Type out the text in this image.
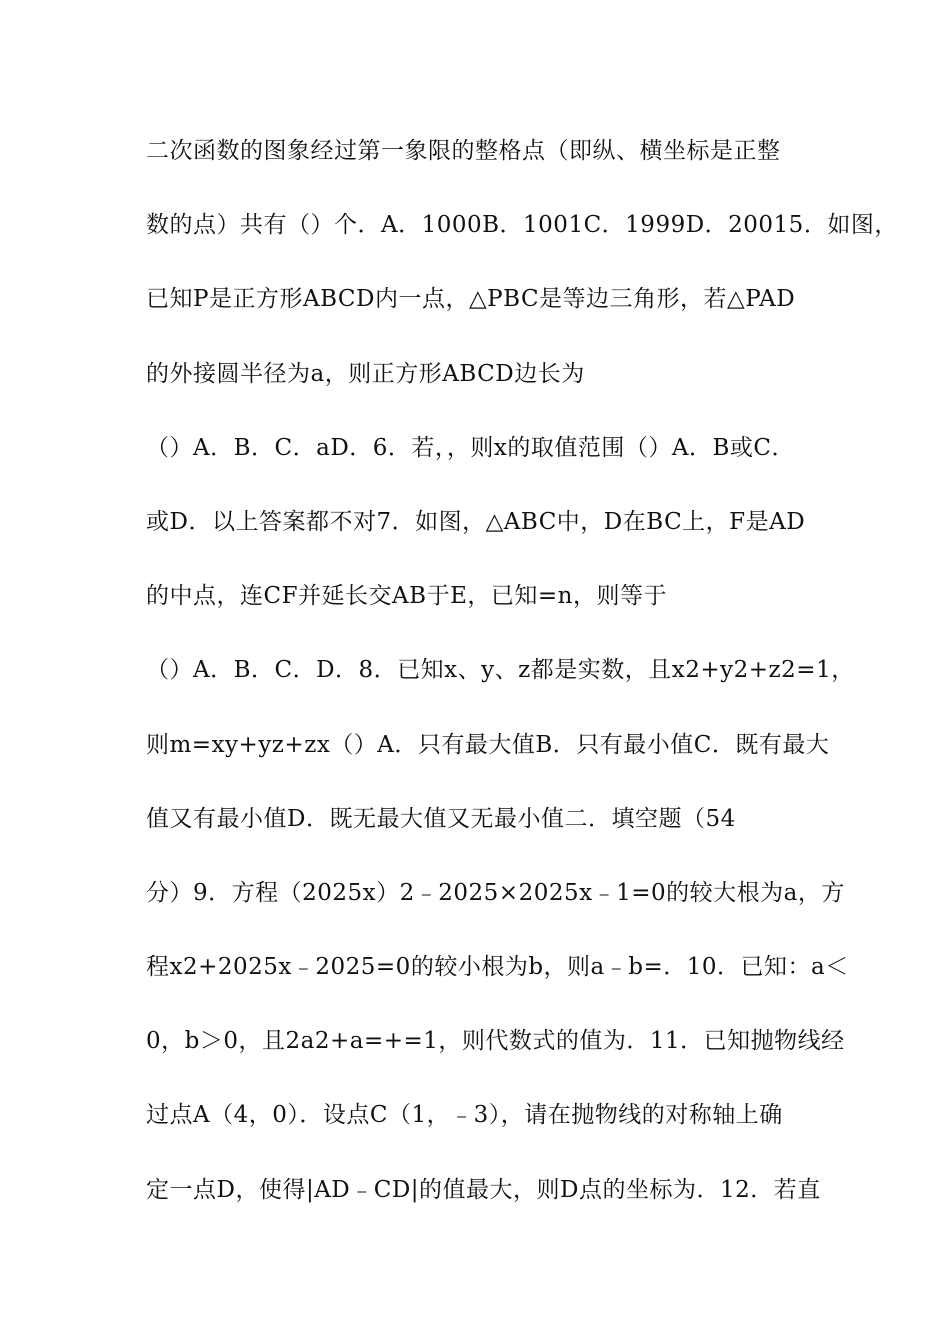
二次函数的图象经过第一象限的整格点（即纵、横坐标是正整
数的点）共有（）个．A．1000B．1001C．1999D．20015．如图，
已知P是正方形ABCD内一点，△PBC是等边三角形，若△PAD
的外接圆半径为a，则正方形ABCD边长为
（）A．B．C．aD．6．若，，则x的取值范围（）A．B或C．
或D．以上答案都不对7．如图，△ABC中，D在BC上，F是AD
的中点，连CF并延长交AB于E，已知=n，则等于
（）A．B．C．D．8．已知x、y、z都是实数，且x2+y2+z2=1，
则m=xy+yz+zx（）A．只有最大值B．只有最小值C．既有最大
值又有最小值D．既无最大值又无最小值二．填空题（54
分）9．方程（2025x）2﹣2025×2025x﹣1=0的较大根为a，方
程x2+2025x﹣2025=0的较小根为b，则a﹣b=．10．已知：a＜
0，b＞0，且2a2+a=+=1，则代数式的值为．11．已知抛物线经
过点A（4，0）．设点C（1，﹣3），请在抛物线的对称轴上确
定一点D，使得|AD﹣CD|的值最大，则D点的坐标为．12．若直
